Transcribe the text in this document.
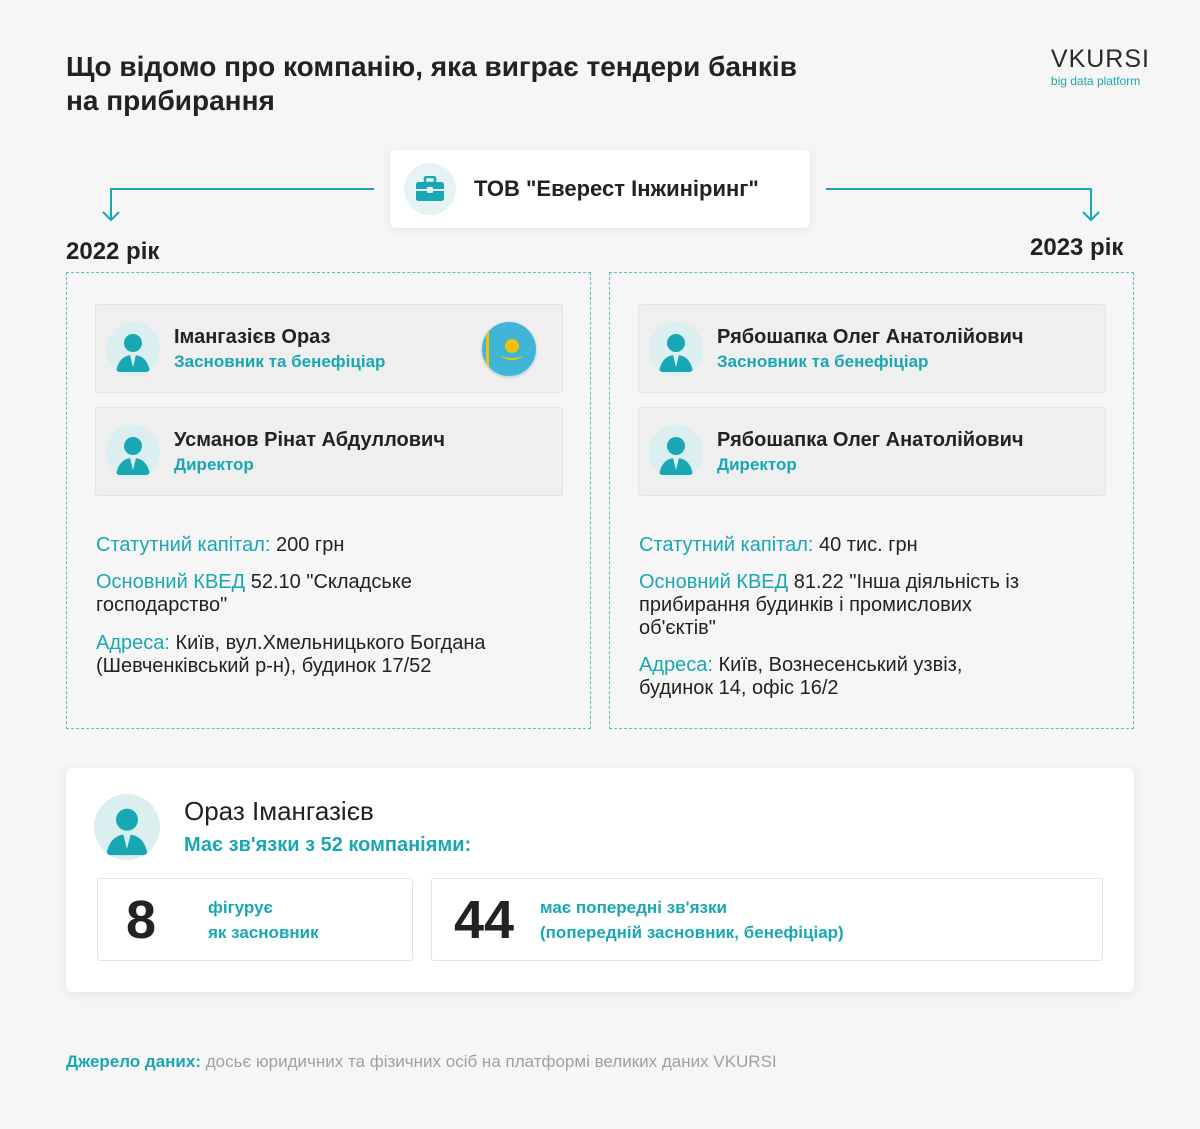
Що відомо про компанію, яка виграє тендери банків
на прибирання
VKURSI
big data platform
ТОВ "Еверест Інжиніринг"
2022 рік	2023 рік
Імангазієв Ораз
Засновник та бенефіціар
Усманов Рінат Абдуллович
Директор
Статутний капітал: 200 грн
Основний КВЕД 52.10 "Складське
господарство"
Адреса: Київ, вул.Хмельницького Богдана
(Шевченківський р-н), будинок 17/52
Рябошапка Олег Анатолійович
Засновник та бенефіціар
Рябошапка Олег Анатолійович
Директор
Статутний капітал: 40 тис. грн
Основний КВЕД 81.22 "Інша діяльність із
прибирання будинків і промислових
об'єктів"
Адреса: Київ, Вознесенський узвіз,
будинок 14, офіс 16/2
Ораз Імангазієв
Має зв'язки з 52 компаніями:
8	фігурує
як засновник	44	має попередні зв'язки
(попередній засновник, бенефіціар)
Джерело даних: досьє юридичних та фізичних осіб на платформі великих даних VKURSI
